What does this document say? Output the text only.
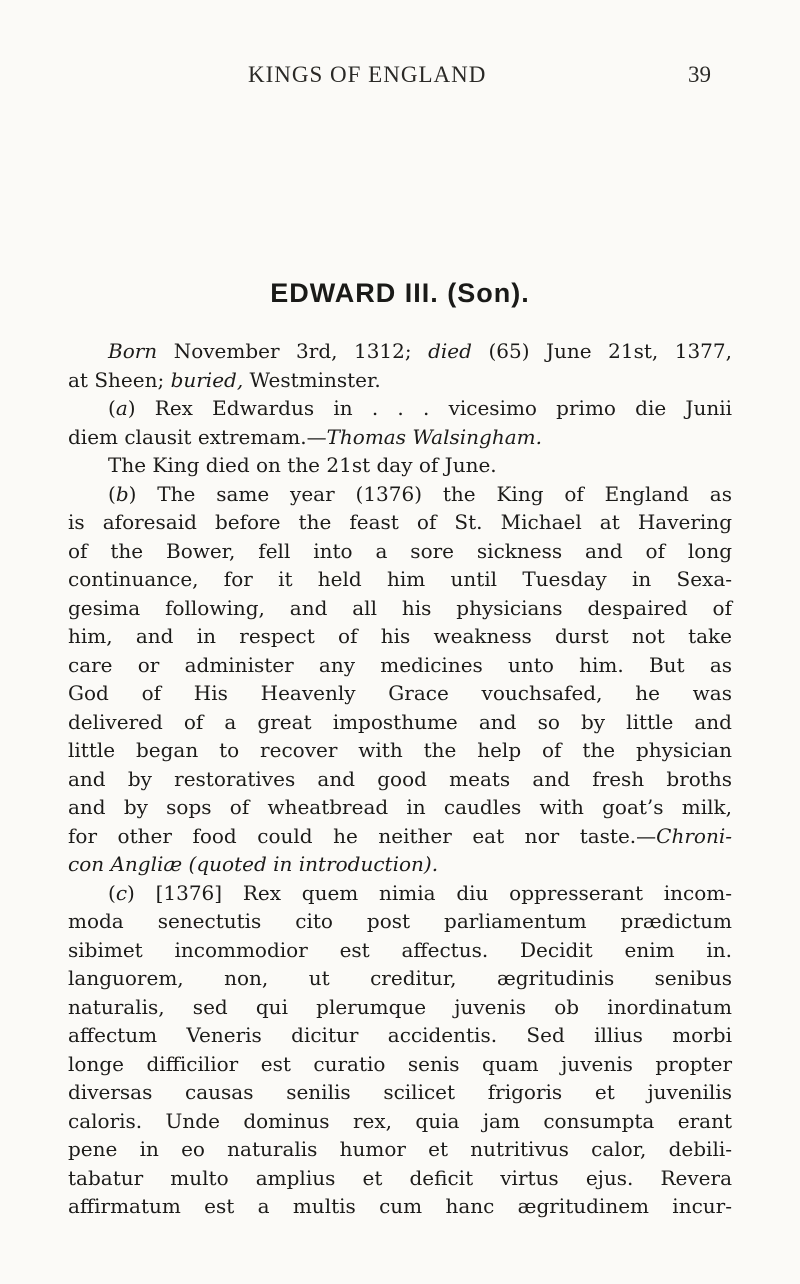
KINGS OF ENGLAND	39
EDWARD III. (Son).
Born November 3rd, 1312; died (65) June 21st, 1377,
at Sheen; buried, Westminster.
(a) Rex Edwardus in . . . vicesimo primo die Junii
diem clausit extremam.—Thomas Walsingham.
The King died on the 21st day of June.
(b) The same year (1376) the King of England as
is aforesaid before the feast of St. Michael at Havering
of the Bower, fell into a sore sickness and of long
continuance, for it held him until Tuesday in Sexa-
gesima following, and all his physicians despaired of
him, and in respect of his weakness durst not take
care or administer any medicines unto him. But as
God of His Heavenly Grace vouchsafed, he was
delivered of a great imposthume and so by little and
little began to recover with the help of the physician
and by restoratives and good meats and fresh broths
and by sops of wheatbread in caudles with goat’s milk,
for other food could he neither eat nor taste.—Chroni-
con Angliæ (quoted in introduction).
(c) [1376] Rex quem nimia diu oppresserant incom-
moda senectutis cito post parliamentum prædictum
sibimet incommodior est affectus. Decidit enim in.
languorem, non, ut creditur, ægritudinis senibus
naturalis, sed qui plerumque juvenis ob inordinatum
affectum Veneris dicitur accidentis. Sed illius morbi
longe difficilior est curatio senis quam juvenis propter
diversas causas senilis scilicet frigoris et juvenilis
caloris. Unde dominus rex, quia jam consumpta erant
pene in eo naturalis humor et nutritivus calor, debili-
tabatur multo amplius et deficit virtus ejus. Revera
affirmatum est a multis cum hanc ægritudinem incur-
